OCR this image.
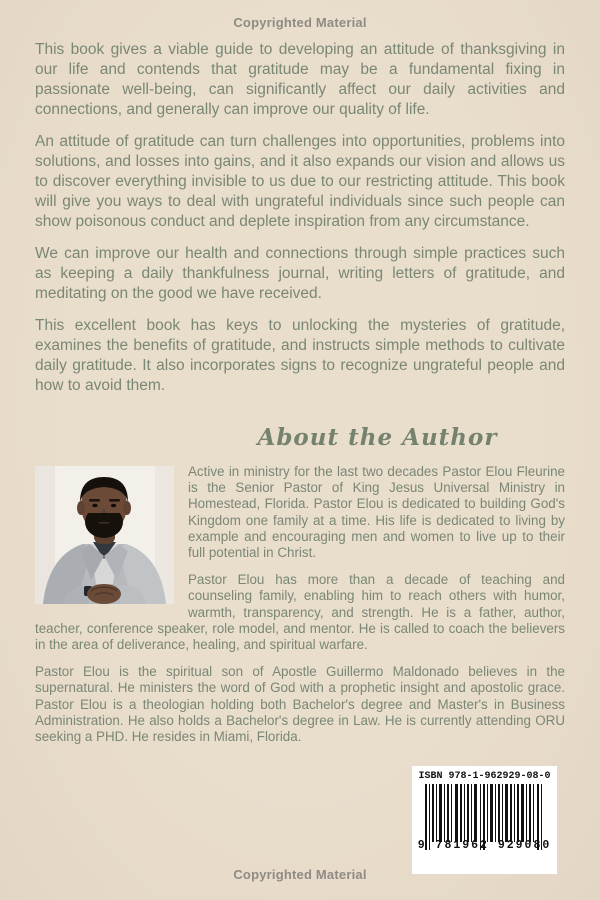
Copyrighted Material

This book gives a viable guide to developing an attitude of thanksgiving in our life and contends that gratitude may be a fundamental fixing in passionate well-being, can significantly affect our daily activities and connections, and generally can improve our quality of life.

An attitude of gratitude can turn challenges into opportunities, problems into solutions, and losses into gains, and it also expands our vision and allows us to discover everything invisible to us due to our restricting attitude. This book will give you ways to deal with ungrateful individuals since such people can show poisonous conduct and deplete inspiration from any circumstance.

We can improve our health and connections through simple practices such as keeping a daily thankfulness journal, writing letters of gratitude, and meditating on the good we have received.

This excellent book has keys to unlocking the mysteries of gratitude, examines the benefits of gratitude, and instructs simple methods to cultivate daily gratitude. It also incorporates signs to recognize ungrateful people and how to avoid them.

About the Author

Active in ministry for the last two decades Pastor Elou Fleurine is the Senior Pastor of King Jesus Universal Ministry in Homestead, Florida. Pastor Elou is dedicated to building God's Kingdom one family at a time. His life is dedicated to living by example and encouraging men and women to live up to their full potential in Christ.

Pastor Elou has more than a decade of teaching and counseling family, enabling him to reach others with humor, warmth, transparency, and strength. He is a father, author, teacher, conference speaker, role model, and mentor. He is called to coach the believers in the area of deliverance, healing, and spiritual warfare.

Pastor Elou is the spiritual son of Apostle Guillermo Maldonado believes in the supernatural. He ministers the word of God with a prophetic insight and apostolic grace. Pastor Elou is a theologian holding both Bachelor's degree and Master's in Business Administration. He also holds a Bachelor's degree in Law. He is currently attending ORU seeking a PHD. He resides in Miami, Florida.

ISBN 978-1-962929-08-0
9 781962 929080
Copyrighted Material
